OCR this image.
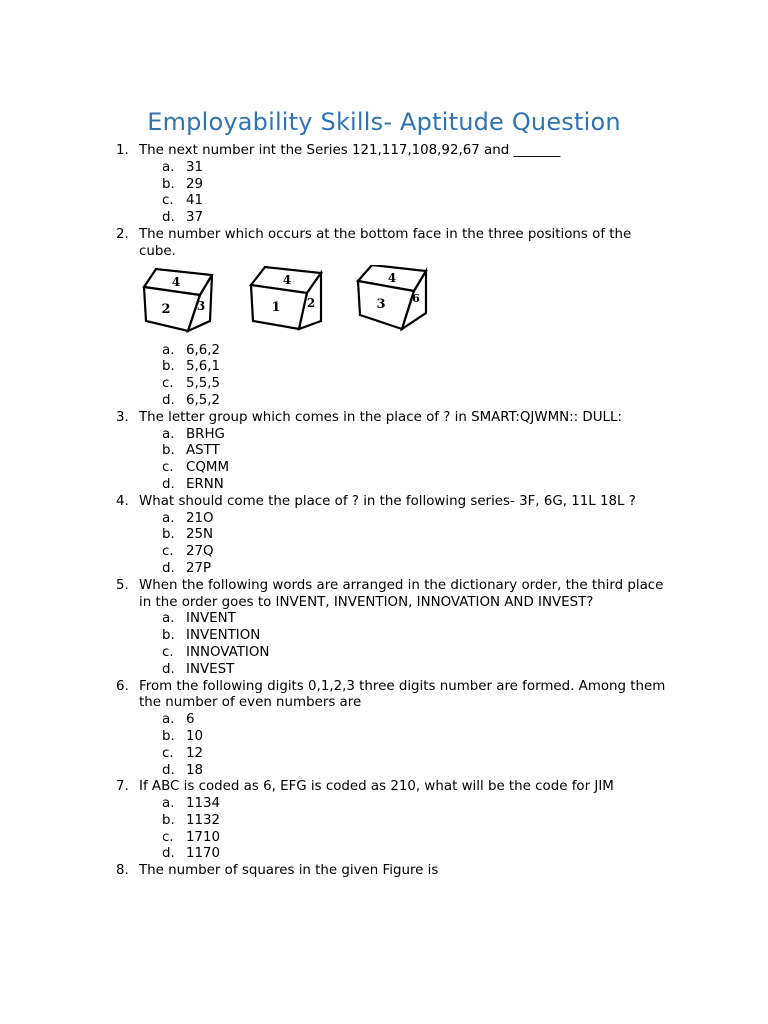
Employability Skills- Aptitude Question
1. The next number int the Series 121,117,108,92,67 and _______
a. 31
b. 29
c. 41
d. 37
2. The number which occurs at the bottom face in the three positions of the cube.
4
2 3
4
1 2
4
3 6
a. 6,6,2
b. 5,6,1
c. 5,5,5
d. 6,5,2
3. The letter group which comes in the place of ? in SMART:QJWMN:: DULL:
a. BRHG
b. ASTT
c. CQMM
d. ERNN
4. What should come the place of ? in the following series- 3F, 6G, 11L 18L ?
a. 21O
b. 25N
c. 27Q
d. 27P
5. When the following words are arranged in the dictionary order, the third place in the order goes to INVENT, INVENTION, INNOVATION AND INVEST?
a. INVENT
b. INVENTION
c. INNOVATION
d. INVEST
6. From the following digits 0,1,2,3 three digits number are formed. Among them the number of even numbers are
a. 6
b. 10
c. 12
d. 18
7. If ABC is coded as 6, EFG is coded as 210, what will be the code for JIM
a. 1134
b. 1132
c. 1710
d. 1170
8. The number of squares in the given Figure is
